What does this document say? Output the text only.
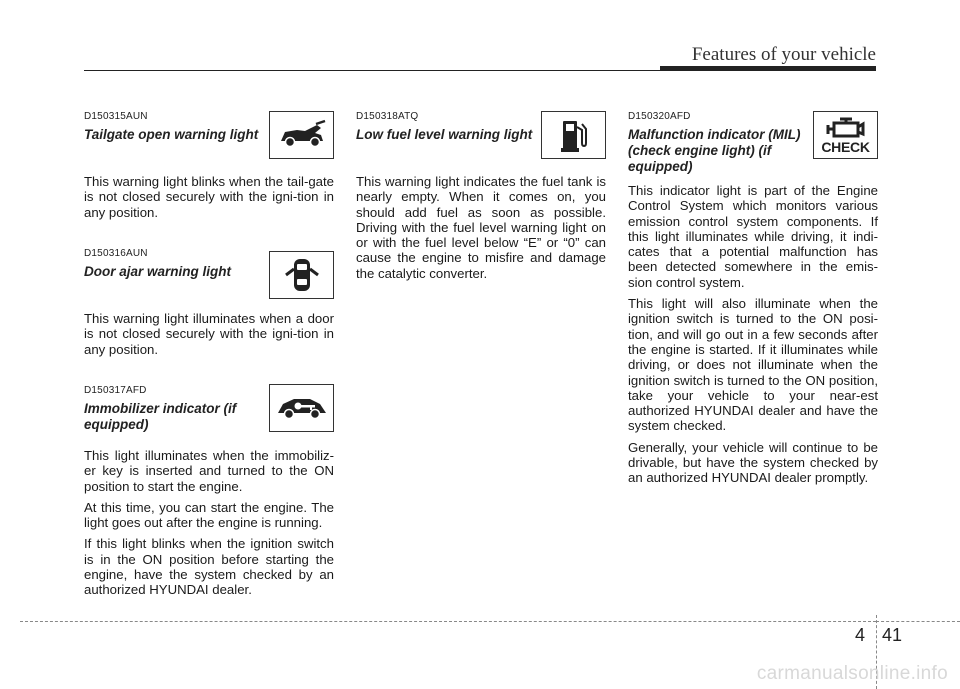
Features of your vehicle
D150315AUN
Tailgate open warning light

This warning light blinks when the tail-gate is not closed securely with the igni-tion in any position.

D150316AUN
Door ajar warning light

This warning light illuminates when a door is not closed securely with the igni-tion in any position.

D150317AFD
Immobilizer indicator (if equipped)

This light illuminates when the immobiliz-er key is inserted and turned to the ON position to start the engine.

At this time, you can start the engine. The light goes out after the engine is running.

If this light blinks when the ignition switch is in the ON position before starting the engine, have the system checked by an authorized HYUNDAI dealer.

D150318ATQ
Low fuel level warning light

This warning light indicates the fuel tank is nearly empty. When it comes on, you should add fuel as soon as possible. Driving with the fuel level warning light on or with the fuel level below “E” or “0” can cause the engine to misfire and damage the catalytic converter.

D150320AFD
Malfunction indicator (MIL) (check engine light) (if equipped)
CHECK

This indicator light is part of the Engine Control System which monitors various emission control system components. If this light illuminates while driving, it indi-cates that a potential malfunction has been detected somewhere in the emis-sion control system.

This light will also illuminate when the ignition switch is turned to the ON posi-tion, and will go out in a few seconds after the engine is started. If it illuminates while driving, or does not illuminate when the ignition switch is turned to the ON position, take your vehicle to your near-est authorized HYUNDAI dealer and have the system checked.

Generally, your vehicle will continue to be drivable, but have the system checked by an authorized HYUNDAI dealer promptly.

4 41
carmanualsonline.info
